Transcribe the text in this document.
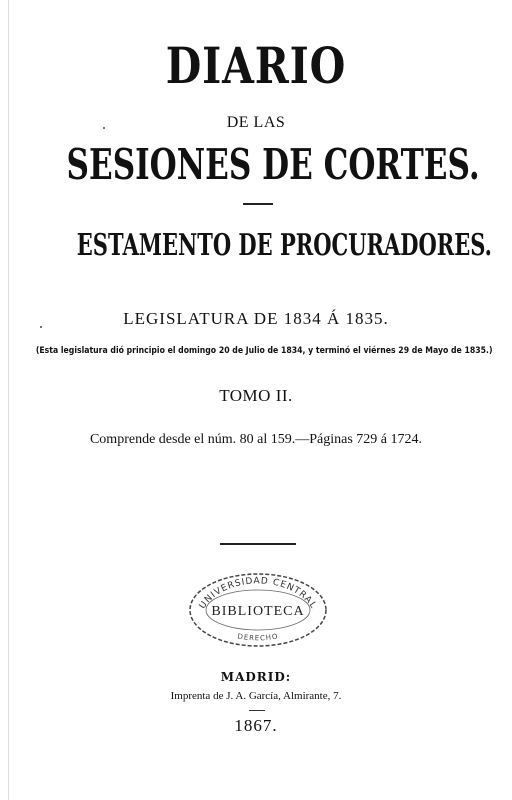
DIARIO
DE LAS
SESIONES DE CORTES.
ESTAMENTO DE PROCURADORES.
LEGISLATURA DE 1834 Á 1835.
(Esta legislatura dió principio el domingo 20 de Julio de 1834, y terminó el viérnes 29 de Mayo de 1835.)
TOMO II.
Comprende desde el núm. 80 al 159.—Páginas 729 á 1724.
UNIVERSIDAD CENTRAL
BIBLIOTECA
DERECHO
MADRID:
Imprenta de J. A. García, Almirante, 7.
1867.
